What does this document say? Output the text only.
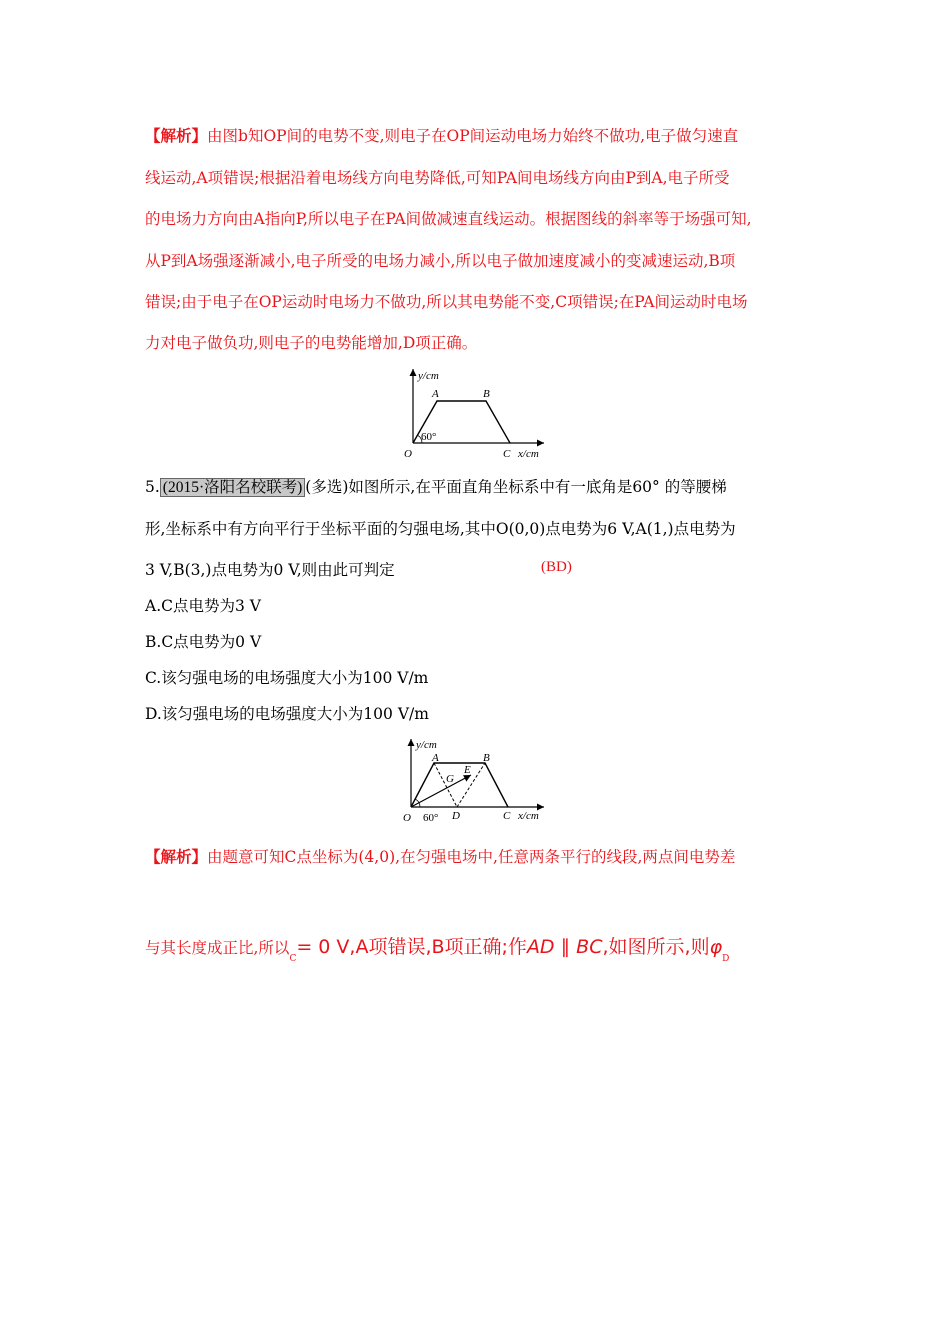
【解析】由图b知OP间的电势不变,则电子在OP间运动电场力始终不做功,电子做匀速直
线运动,A项错误;根据沿着电场线方向电势降低,可知PA间电场线方向由P到A,电子所受
的电场力方向由A指向P,所以电子在PA间做减速直线运动。根据图线的斜率等于场强可知,
从P到A场强逐渐减小,电子所受的电场力减小,所以电子做加速度减小的变减速运动,B项
错误;由于电子在OP运动时电场力不做功,所以其电势能不变,C项错误;在PA间运动时电场
力对电子做负功,则电子的电势能增加,D项正确。
y/cm
x/cm
O
60°
A	B
C
5. (2015·洛阳名校联考) (多选)如图所示,在平面直角坐标系中有一底角是60° 的等腰梯
形,坐标系中有方向平行于坐标平面的匀强电场,其中O(0,0)点电势为6 V,A(1,)点电势为
3 V,B(3,)点电势为0 V,则由此可判定	(BD)
A.C点电势为3 V
B.C点电势为0 V
C.该匀强电场的电场强度大小为100 V/m
D.该匀强电场的电场强度大小为100 V/m
y/cm
x/cm
O 60°
A	B
C
D
E
G
【解析】由题意可知C点坐标为(4,0),在匀强电场中,任意两条平行的线段,两点间电势差
与其长度成正比,所以$_C$= 0 V,A项错误,B项正确;作AD ∥ BC,如图所示,则$\varphi_D$
